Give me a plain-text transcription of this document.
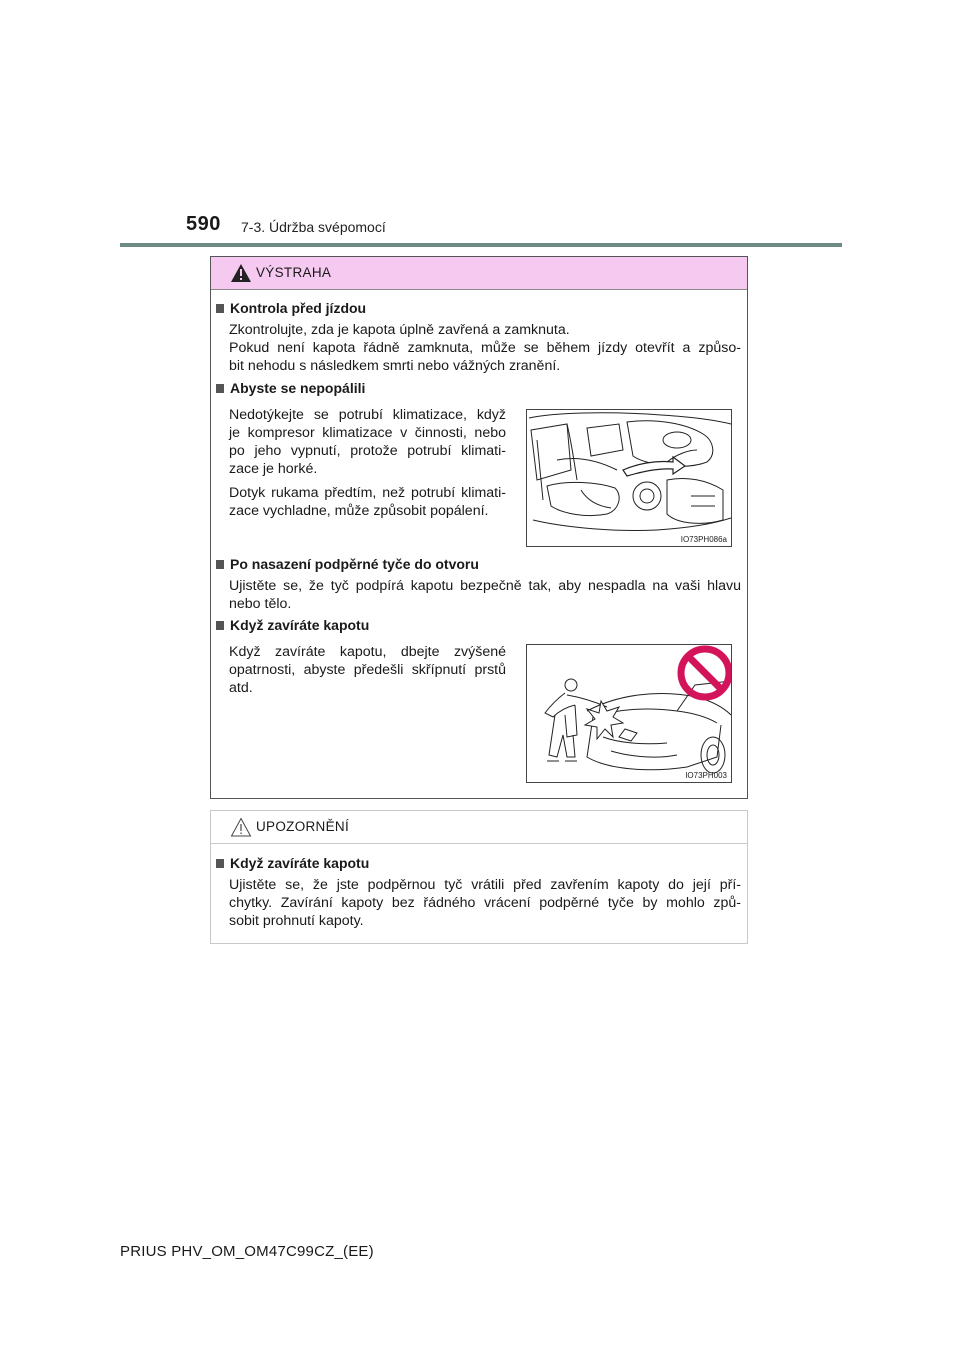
590 7-3. Údržba svépomocí
VÝSTRAHA
Kontrola před jízdou
Zkontrolujte, zda je kapota úplně zavřená a zamknuta.
Pokud není kapota řádně zamknuta, může se během jízdy otevřít a způso-
bit nehodu s následkem smrti nebo vážných zranění.
Abyste se nepopálili
Nedotýkejte se potrubí klimatizace, když
je kompresor klimatizace v činnosti, nebo
po jeho vypnutí, protože potrubí klimati-
zace je horké.
Dotyk rukama předtím, než potrubí klimati-
zace vychladne, může způsobit popálení.
IO73PH086a
Po nasazení podpěrné tyče do otvoru
Ujistěte se, že tyč podpírá kapotu bezpečně tak, aby nespadla na vaši hlavu
nebo tělo.
Když zavíráte kapotu
Když zavíráte kapotu, dbejte zvýšené
opatrnosti, abyste předešli skřípnutí prstů
atd.
IO73PH003
UPOZORNĚNÍ
Když zavíráte kapotu
Ujistěte se, že jste podpěrnou tyč vrátili před zavřením kapoty do její pří-
chytky. Zavírání kapoty bez řádného vrácení podpěrné tyče by mohlo způ-
sobit prohnutí kapoty.
PRIUS PHV_OM_OM47C99CZ_(EE)
